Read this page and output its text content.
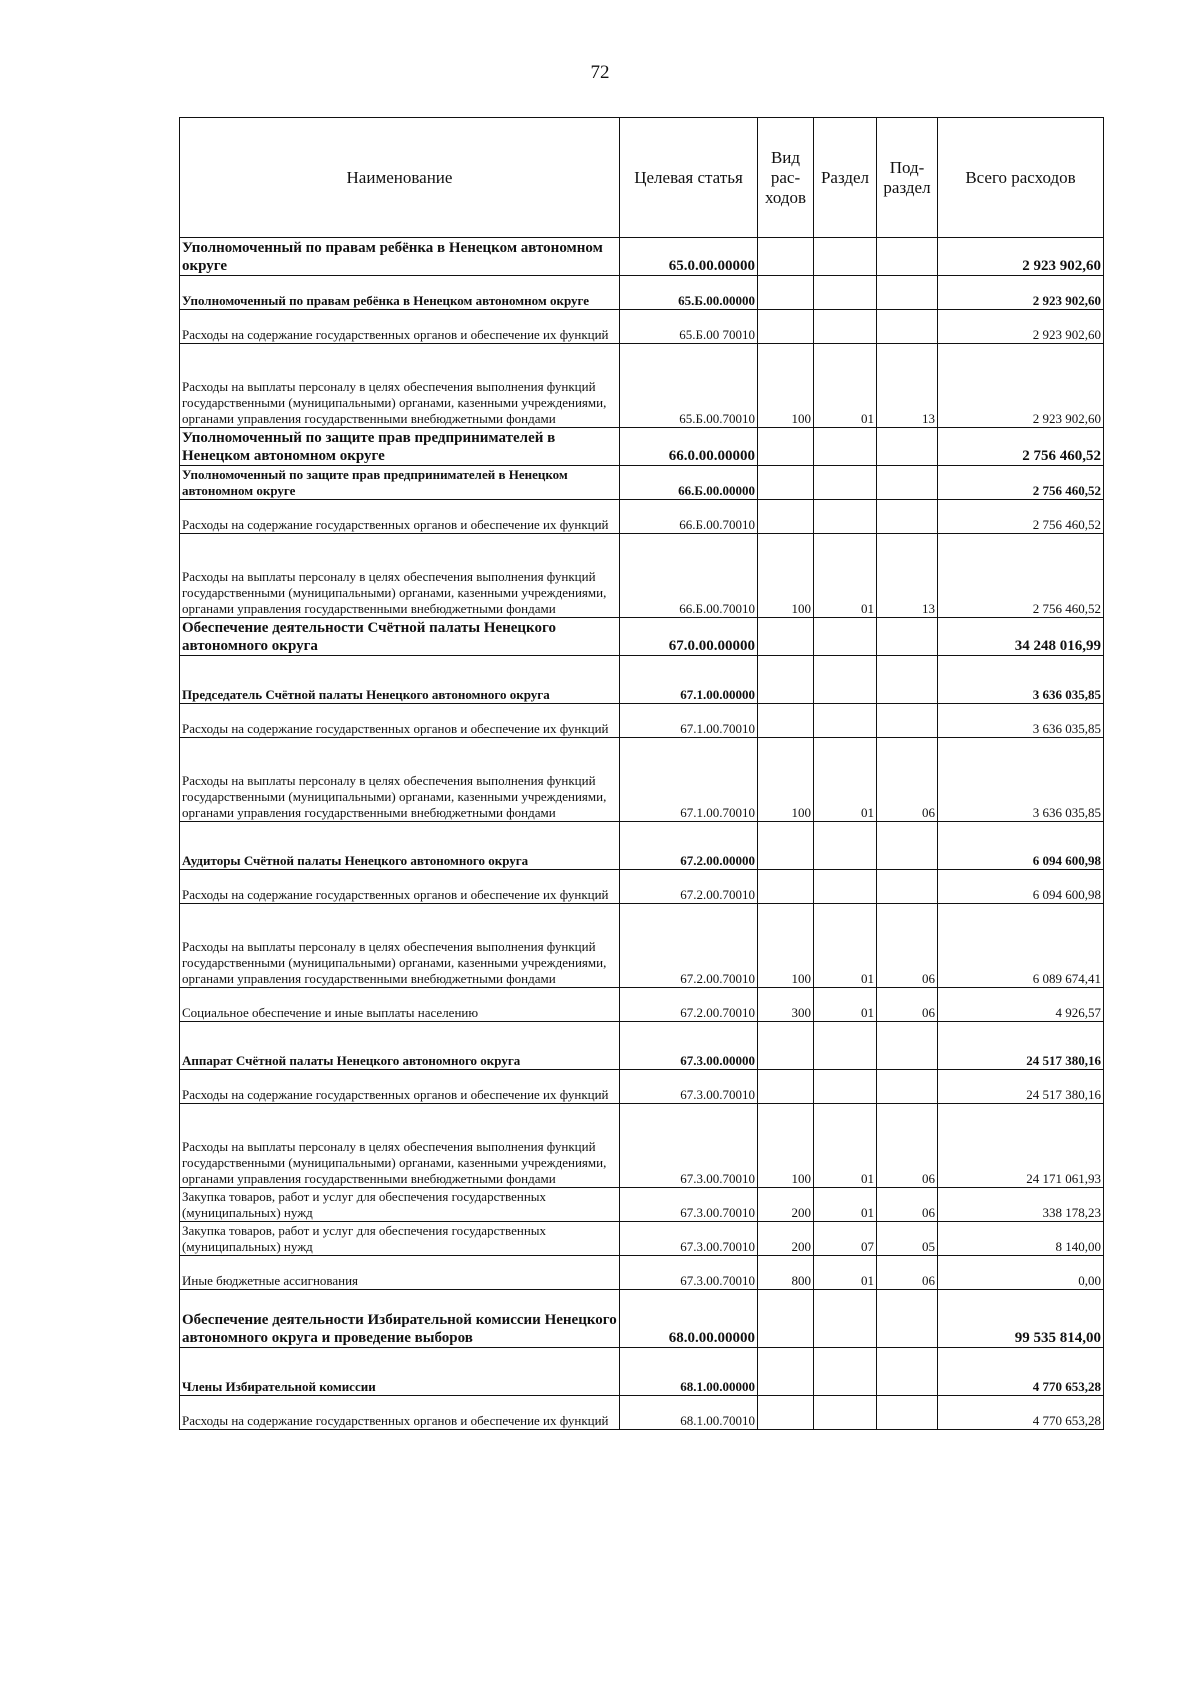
72
Наименование	Целевая статья	Вид рас-ходов	Раздел	Под-раздел	Всего расходов
Уполномоченный по правам ребёнка в Ненецком автономном округе	65.0.00.00000				2 923 902,60
Уполномоченный по правам ребёнка в Ненецком автономном округе	65.Б.00.00000				2 923 902,60
Расходы на содержание государственных органов и обеспечение их функций	65.Б.00 70010				2 923 902,60
Расходы на выплаты персоналу в целях обеспечения выполнения функций государственными (муниципальными) органами, казенными учреждениями, органами управления государственными внебюджетными фондами	65.Б.00.70010	100	01	13	2 923 902,60
Уполномоченный по защите прав предпринимателей в Ненецком автономном округе	66.0.00.00000				2 756 460,52
Уполномоченный по защите прав предпринимателей в Ненецком автономном округе	66.Б.00.00000				2 756 460,52
Расходы на содержание государственных органов и обеспечение их функций	66.Б.00.70010				2 756 460,52
Расходы на выплаты персоналу в целях обеспечения выполнения функций государственными (муниципальными) органами, казенными учреждениями, органами управления государственными внебюджетными фондами	66.Б.00.70010	100	01	13	2 756 460,52
Обеспечение деятельности Счётной палаты Ненецкого автономного округа	67.0.00.00000				34 248 016,99
Председатель Счётной палаты Ненецкого автономного округа	67.1.00.00000				3 636 035,85
Расходы на содержание государственных органов и обеспечение их функций	67.1.00.70010				3 636 035,85
Расходы на выплаты персоналу в целях обеспечения выполнения функций государственными (муниципальными) органами, казенными учреждениями, органами управления государственными внебюджетными фондами	67.1.00.70010	100	01	06	3 636 035,85
Аудиторы Счётной палаты Ненецкого автономного округа	67.2.00.00000				6 094 600,98
Расходы на содержание государственных органов и обеспечение их функций	67.2.00.70010				6 094 600,98
Расходы на выплаты персоналу в целях обеспечения выполнения функций государственными (муниципальными) органами, казенными учреждениями, органами управления государственными внебюджетными фондами	67.2.00.70010	100	01	06	6 089 674,41
Социальное обеспечение и иные выплаты населению	67.2.00.70010	300	01	06	4 926,57
Аппарат Счётной палаты Ненецкого автономного округа	67.3.00.00000				24 517 380,16
Расходы на содержание государственных органов и обеспечение их функций	67.3.00.70010				24 517 380,16
Расходы на выплаты персоналу в целях обеспечения выполнения функций государственными (муниципальными) органами, казенными учреждениями, органами управления государственными внебюджетными фондами	67.3.00.70010	100	01	06	24 171 061,93
Закупка товаров, работ и услуг для обеспечения государственных (муниципальных) нужд	67.3.00.70010	200	01	06	338 178,23
Закупка товаров, работ и услуг для обеспечения государственных (муниципальных) нужд	67.3.00.70010	200	07	05	8 140,00
Иные бюджетные ассигнования	67.3.00.70010	800	01	06	0,00
Обеспечение деятельности Избирательной комиссии Ненецкого автономного округа и проведение выборов	68.0.00.00000				99 535 814,00
Члены Избирательной комиссии	68.1.00.00000				4 770 653,28
Расходы на содержание государственных органов и обеспечение их функций	68.1.00.70010				4 770 653,28
